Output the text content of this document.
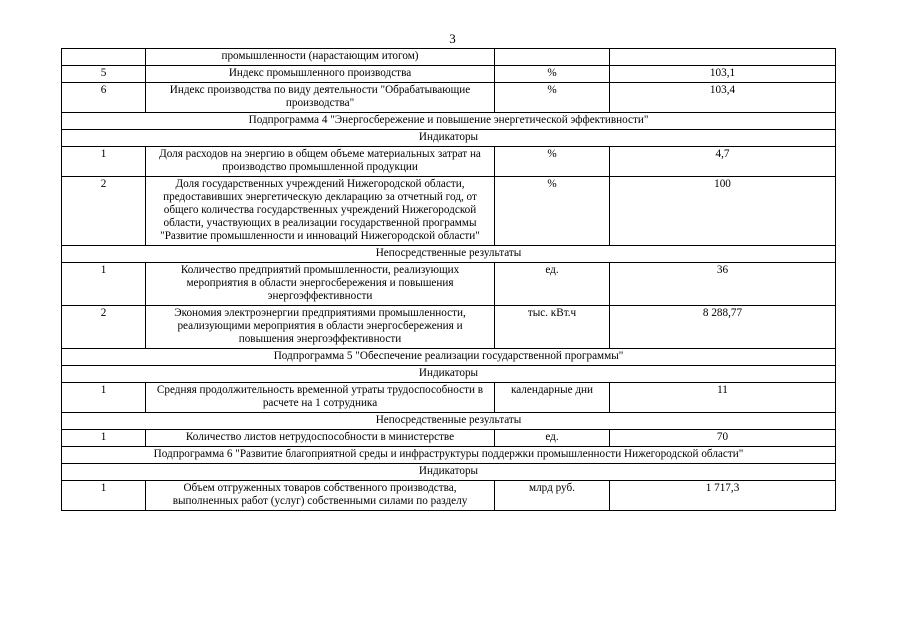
3
	промышленности (нарастающим итогом)		
5	Индекс промышленного производства	%	103,1
6	Индекс производства по виду деятельности "Обрабатывающие производства"	%	103,4
Подпрограмма 4 "Энергосбережение и повышение энергетической эффективности"			
Индикаторы			
1	Доля расходов на энергию в общем объеме материальных затрат на производство промышленной продукции	%	4,7
2	Доля государственных учреждений Нижегородской области, предоставивших энергетическую декларацию за отчетный год, от общего количества государственных учреждений Нижегородской области, участвующих в реализации государственной программы "Развитие промышленности и инноваций Нижегородской области"	%	100
Непосредственные результаты			
1	Количество предприятий промышленности, реализующих мероприятия в области энергосбережения и повышения энергоэффективности	ед.	36
2	Экономия электроэнергии предприятиями промышленности, реализующими мероприятия в области энергосбережения и повышения энергоэффективности	тыс. кВт.ч	8 288,77
Подпрограмма 5 "Обеспечение реализации государственной программы"			
Индикаторы			
1	Средняя продолжительность временной утраты трудоспособности в расчете на 1 сотрудника	календарные дни	11
Непосредственные результаты			
1	Количество листов нетрудоспособности в министерстве	ед.	70
Подпрограмма 6 "Развитие благоприятной среды и инфраструктуры поддержки промышленности Нижегородской области"			
Индикаторы			
1	Объем отгруженных товаров собственного производства, выполненных работ (услуг) собственными силами по разделу	млрд руб.	1 717,3
